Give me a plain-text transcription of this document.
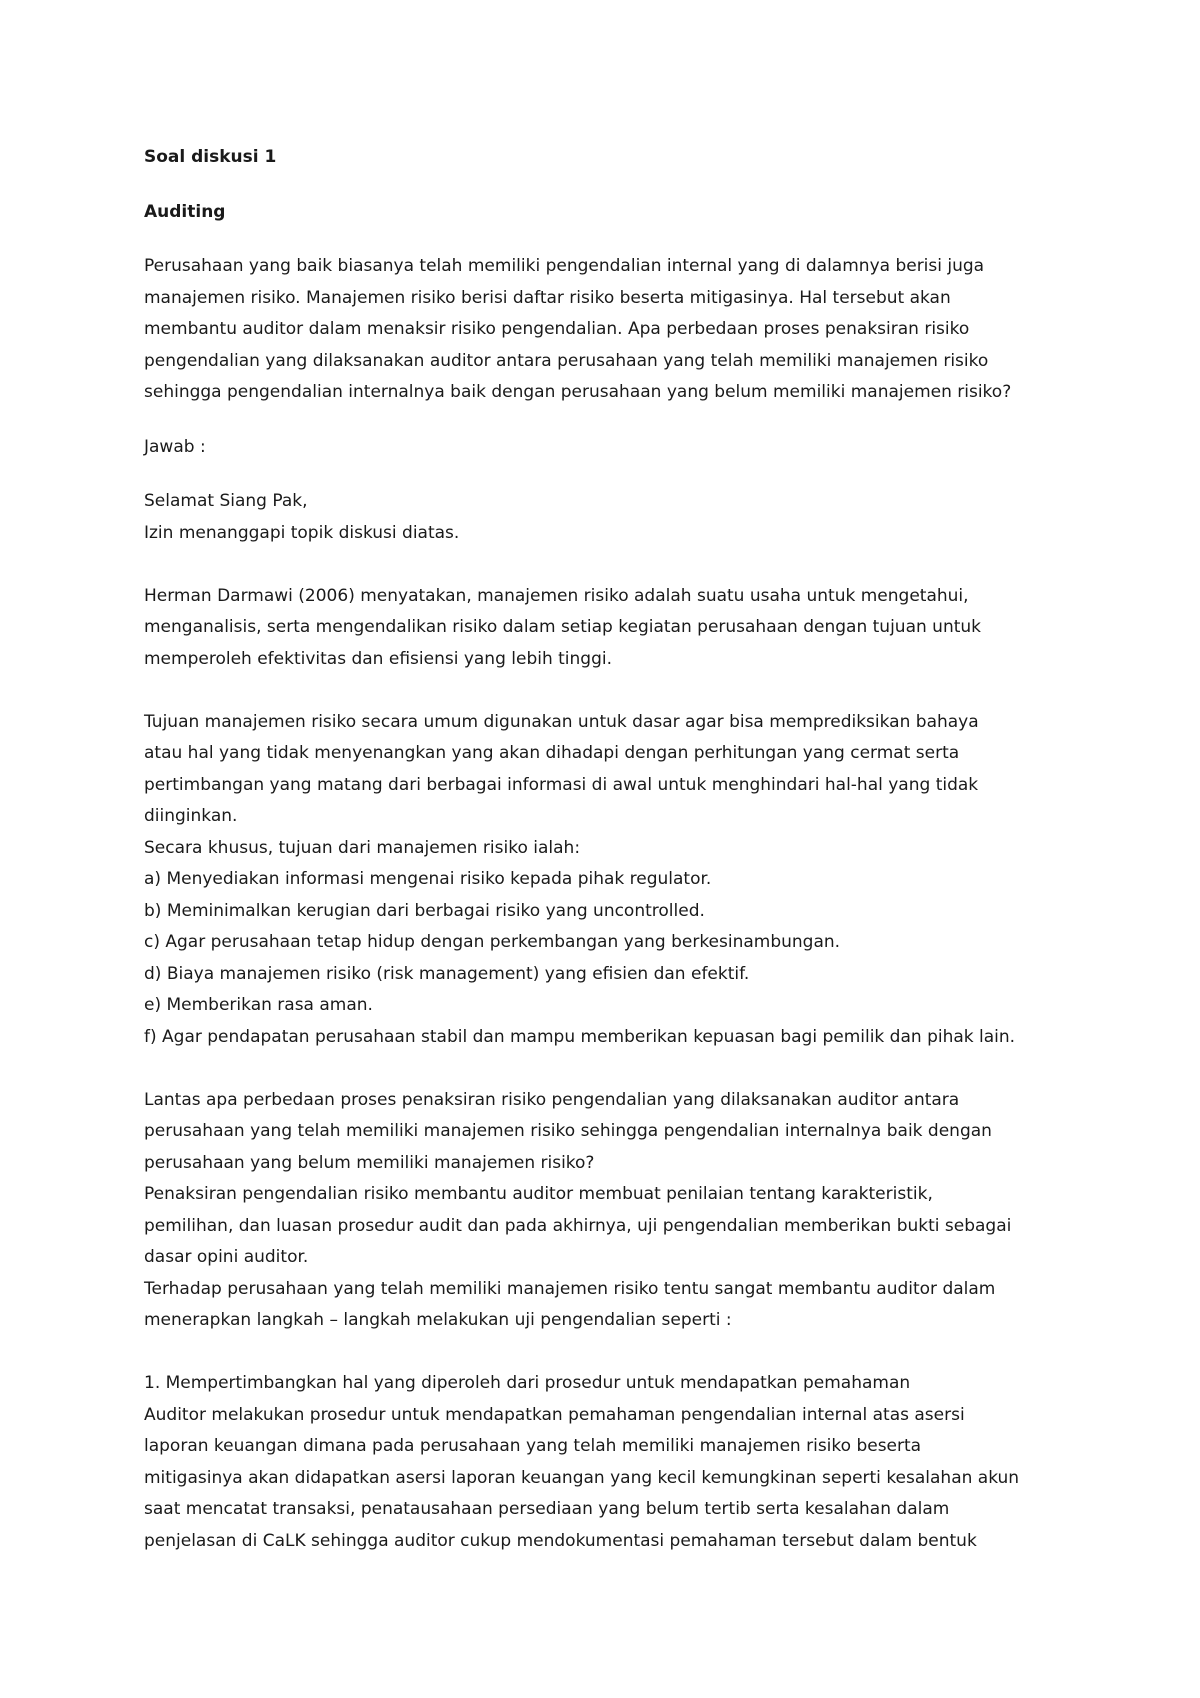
Soal diskusi 1

Auditing

Perusahaan yang baik biasanya telah memiliki pengendalian internal yang di dalamnya berisi juga

manajemen risiko. Manajemen risiko berisi daftar risiko beserta mitigasinya. Hal tersebut akan

membantu auditor dalam menaksir risiko pengendalian. Apa perbedaan proses penaksiran risiko

pengendalian yang dilaksanakan auditor antara perusahaan yang telah memiliki manajemen risiko

sehingga pengendalian internalnya baik dengan perusahaan yang belum memiliki manajemen risiko?

Jawab :

Selamat Siang Pak,

Izin menanggapi topik diskusi diatas.

Herman Darmawi (2006) menyatakan, manajemen risiko adalah suatu usaha untuk mengetahui,

menganalisis, serta mengendalikan risiko dalam setiap kegiatan perusahaan dengan tujuan untuk

memperoleh efektivitas dan efisiensi yang lebih tinggi.

Tujuan manajemen risiko secara umum digunakan untuk dasar agar bisa memprediksikan bahaya

atau hal yang tidak menyenangkan yang akan dihadapi dengan perhitungan yang cermat serta

pertimbangan yang matang dari berbagai informasi di awal untuk menghindari hal-hal yang tidak

diinginkan.

Secara khusus, tujuan dari manajemen risiko ialah:

a) Menyediakan informasi mengenai risiko kepada pihak regulator.

b) Meminimalkan kerugian dari berbagai risiko yang uncontrolled.

c) Agar perusahaan tetap hidup dengan perkembangan yang berkesinambungan.

d) Biaya manajemen risiko (risk management) yang efisien dan efektif.

e) Memberikan rasa aman.

f) Agar pendapatan perusahaan stabil dan mampu memberikan kepuasan bagi pemilik dan pihak lain.

Lantas apa perbedaan proses penaksiran risiko pengendalian yang dilaksanakan auditor antara

perusahaan yang telah memiliki manajemen risiko sehingga pengendalian internalnya baik dengan

perusahaan yang belum memiliki manajemen risiko?

Penaksiran pengendalian risiko membantu auditor membuat penilaian tentang karakteristik,

pemilihan, dan luasan prosedur audit dan pada akhirnya, uji pengendalian memberikan bukti sebagai

dasar opini auditor.

Terhadap perusahaan yang telah memiliki manajemen risiko tentu sangat membantu auditor dalam

menerapkan langkah – langkah melakukan uji pengendalian seperti :

1. Mempertimbangkan hal yang diperoleh dari prosedur untuk mendapatkan pemahaman

Auditor melakukan prosedur untuk mendapatkan pemahaman pengendalian internal atas asersi

laporan keuangan dimana pada perusahaan yang telah memiliki manajemen risiko beserta

mitigasinya akan didapatkan asersi laporan keuangan yang kecil kemungkinan seperti kesalahan akun

saat mencatat transaksi, penatausahaan persediaan yang belum tertib serta kesalahan dalam

penjelasan di CaLK sehingga auditor cukup mendokumentasi pemahaman tersebut dalam bentuk
